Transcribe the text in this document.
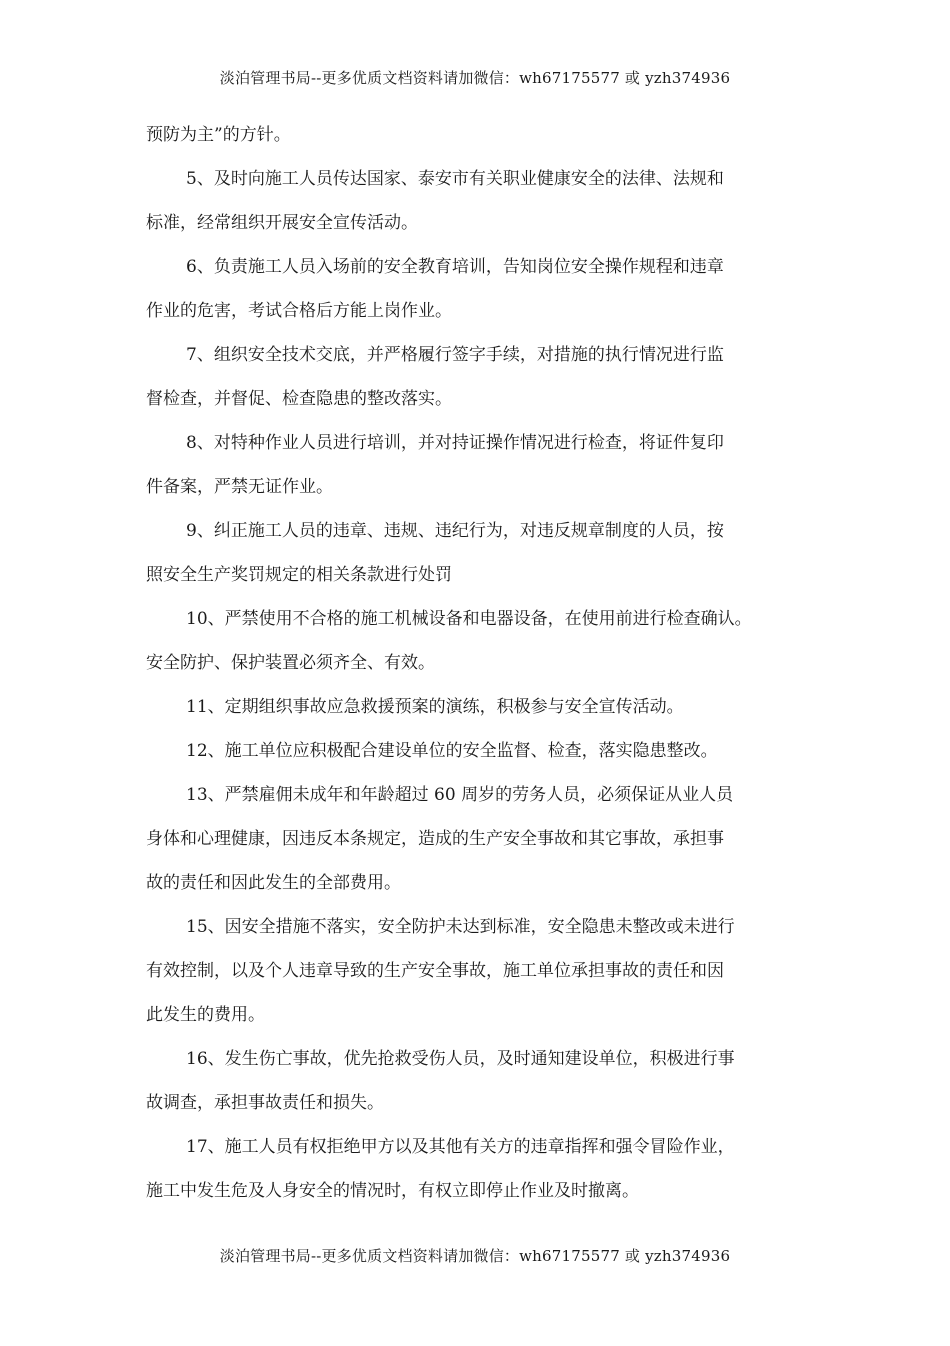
淡泊管理书局--更多优质文档资料请加微信：wh67175577 或 yzh374936

预防为主”的方针。

5、及时向施工人员传达国家、泰安市有关职业健康安全的法律、法规和
标准，经常组织开展安全宣传活动。

6、负责施工人员入场前的安全教育培训，告知岗位安全操作规程和违章
作业的危害，考试合格后方能上岗作业。

7、组织安全技术交底，并严格履行签字手续，对措施的执行情况进行监
督检查，并督促、检查隐患的整改落实。

8、对特种作业人员进行培训，并对持证操作情况进行检查，将证件复印
件备案，严禁无证作业。

9、纠正施工人员的违章、违规、违纪行为，对违反规章制度的人员，按
照安全生产奖罚规定的相关条款进行处罚

10、严禁使用不合格的施工机械设备和电器设备，在使用前进行检查确认。
安全防护、保护装置必须齐全、有效。

11、定期组织事故应急救援预案的演练，积极参与安全宣传活动。

12、施工单位应积极配合建设单位的安全监督、检查，落实隐患整改。

13、严禁雇佣未成年和年龄超过 60 周岁的劳务人员，必须保证从业人员
身体和心理健康，因违反本条规定，造成的生产安全事故和其它事故，承担事
故的责任和因此发生的全部费用。

15、因安全措施不落实，安全防护未达到标准，安全隐患未整改或未进行
有效控制，以及个人违章导致的生产安全事故，施工单位承担事故的责任和因
此发生的费用。

16、发生伤亡事故，优先抢救受伤人员，及时通知建设单位，积极进行事
故调查，承担事故责任和损失。

17、施工人员有权拒绝甲方以及其他有关方的违章指挥和强令冒险作业，
施工中发生危及人身安全的情况时，有权立即停止作业及时撤离。

淡泊管理书局--更多优质文档资料请加微信：wh67175577 或 yzh374936
